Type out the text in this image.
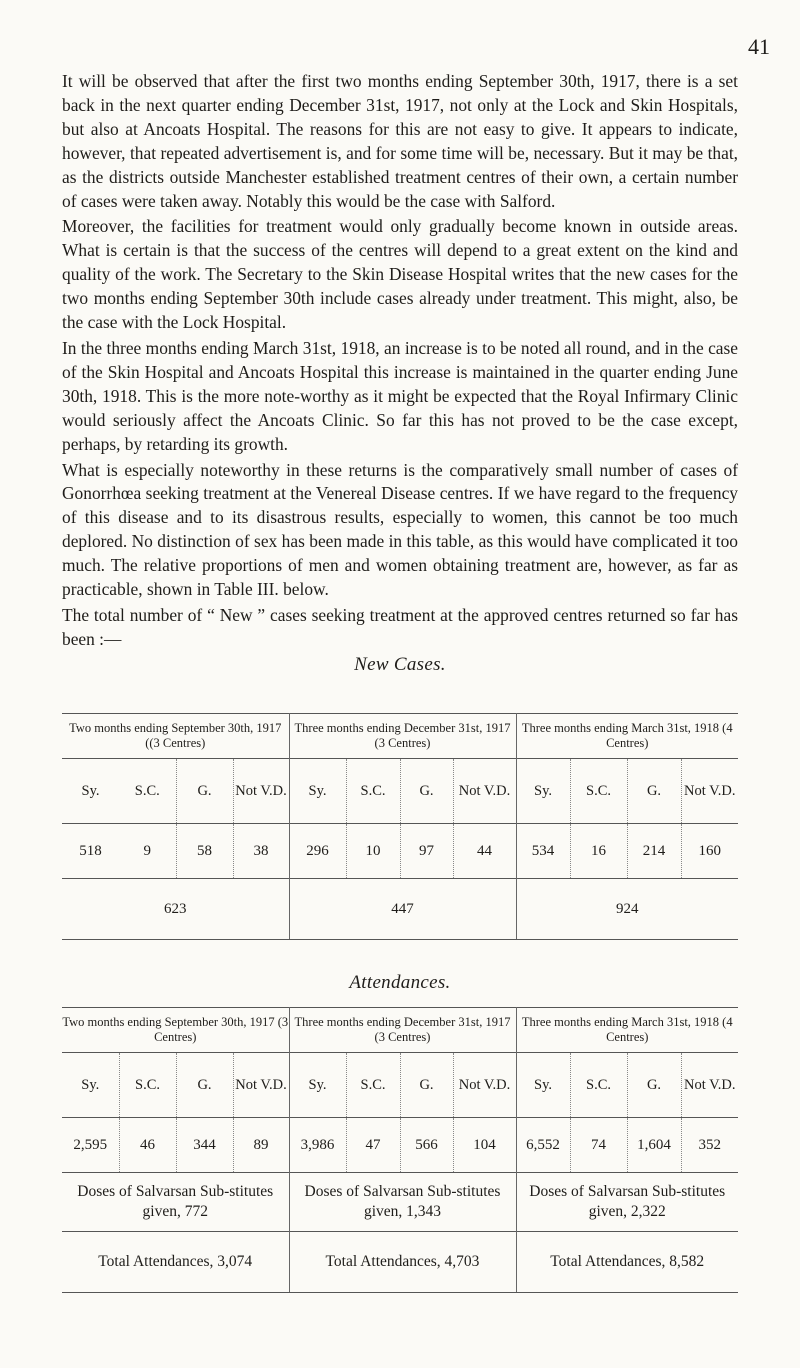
41

It will be observed that after the first two months ending September 30th, 1917, there is a set back in the next quarter ending December 31st, 1917, not only at the Lock and Skin Hospitals, but also at Ancoats Hospital. The reasons for this are not easy to give. It appears to indicate, however, that repeated advertisement is, and for some time will be, necessary. But it may be that, as the districts outside Manchester established treatment centres of their own, a certain number of cases were taken away. Notably this would be the case with Salford.

Moreover, the facilities for treatment would only gradually become known in outside areas. What is certain is that the success of the centres will depend to a great extent on the kind and quality of the work. The Secretary to the Skin Disease Hospital writes that the new cases for the two months ending September 30th include cases already under treatment. This might, also, be the case with the Lock Hospital.

In the three months ending March 31st, 1918, an increase is to be noted all round, and in the case of the Skin Hospital and Ancoats Hospital this increase is maintained in the quarter ending June 30th, 1918. This is the more note-worthy as it might be expected that the Royal Infirmary Clinic would seriously affect the Ancoats Clinic. So far this has not proved to be the case except, perhaps, by retarding its growth.

What is especially noteworthy in these returns is the comparatively small number of cases of Gonorrhœa seeking treatment at the Venereal Disease centres. If we have regard to the frequency of this disease and to its disastrous results, especially to women, this cannot be too much deplored. No distinction of sex has been made in this table, as this would have complicated it too much. The relative proportions of men and women obtaining treatment are, however, as far as practicable, shown in Table III. below.

The total number of “ New ” cases seeking treatment at the approved centres returned so far has been :—

New Cases.
Two months ending September 30th, 1917 ((3 Centres)				Three months ending December 31st, 1917 (3 Centres)				Three months ending March 31st, 1918 (4 Centres)			
Sy.	S.C.	G.	Not V.D.	Sy.	S.C.	G.	Not V.D.	Sy.	S.C.	G.	Not V.D.
518	9	58	38	296	10	97	44	534	16	214	160
623				447				924			
Attendances.
Two months ending September 30th, 1917 (3 Centres)				Three months ending December 31st, 1917 (3 Centres)				Three months ending March 31st, 1918 (4 Centres)			
Sy.	S.C.	G.	Not V.D.	Sy.	S.C.	G.	Not V.D.	Sy.	S.C.	G.	Not V.D.
2,595	46	344	89	3,986	47	566	104	6,552	74	1,604	352
Doses of Salvarsan Sub-stitutes given, 772				Doses of Salvarsan Sub-stitutes given, 1,343				Doses of Salvarsan Sub-stitutes given, 2,322			
Total Attendances, 3,074				Total Attendances, 4,703				Total Attendances, 8,582			
